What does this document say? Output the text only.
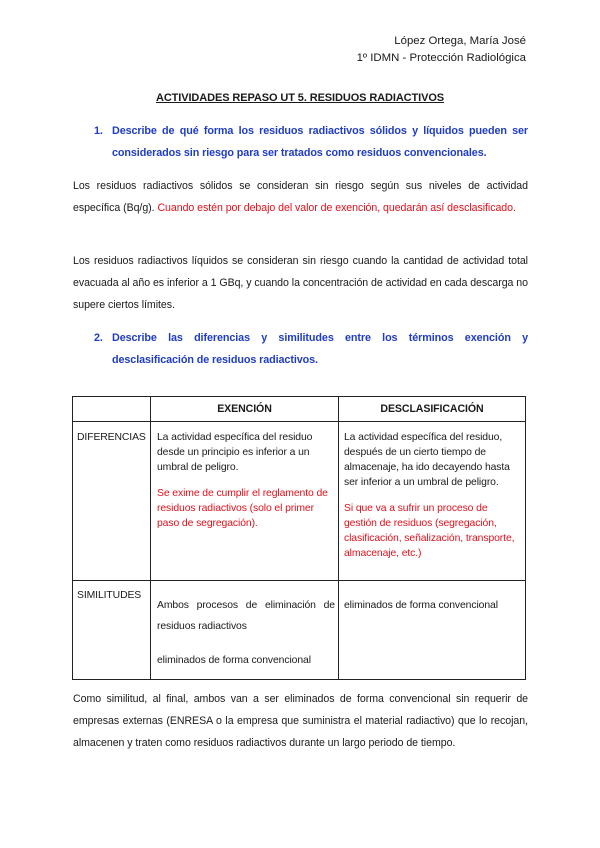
López Ortega, María José
1º IDMN - Protección Radiológica
ACTIVIDADES REPASO UT 5. RESIDUOS RADIACTIVOS
1. Describe de qué forma los residuos radiactivos sólidos y líquidos pueden ser considerados sin riesgo para ser tratados como residuos convencionales.
Los residuos radiactivos sólidos se consideran sin riesgo según sus niveles de actividad específica (Bq/g). Cuando estén por debajo del valor de exención, quedarán así desclasificado.
Los residuos radiactivos líquidos se consideran sin riesgo cuando la cantidad de actividad total evacuada al año es inferior a 1 GBq, y cuando la concentración de actividad en cada descarga no supere ciertos límites.
2. Describe las diferencias y similitudes entre los términos exención y desclasificación de residuos radiactivos.
EXENCIÓN	DESCLASIFICACIÓN
DIFERENCIAS	La actividad específica del residuo desde un principio es inferior a un umbral de peligro.

Se exime de cumplir el reglamento de residuos radiactivos (solo el primer paso de segregación).

La actividad específica del residuo, después de un cierto tiempo de almacenaje, ha ido decayendo hasta ser inferior a un umbral de peligro.

Si que va a sufrir un proceso de gestión de residuos (segregación, clasificación, señalización, transporte, almacenaje, etc.)

SIMILITUDES

Ambos procesos de eliminación de residuos radiactivos

eliminados de forma convencional

eliminados de forma convencional
Como similitud, al final, ambos van a ser eliminados de forma convencional sin requerir de empresas externas (ENRESA o la empresa que suministra el material radiactivo) que lo recojan, almacenen y traten como residuos radiactivos durante un largo periodo de tiempo.
